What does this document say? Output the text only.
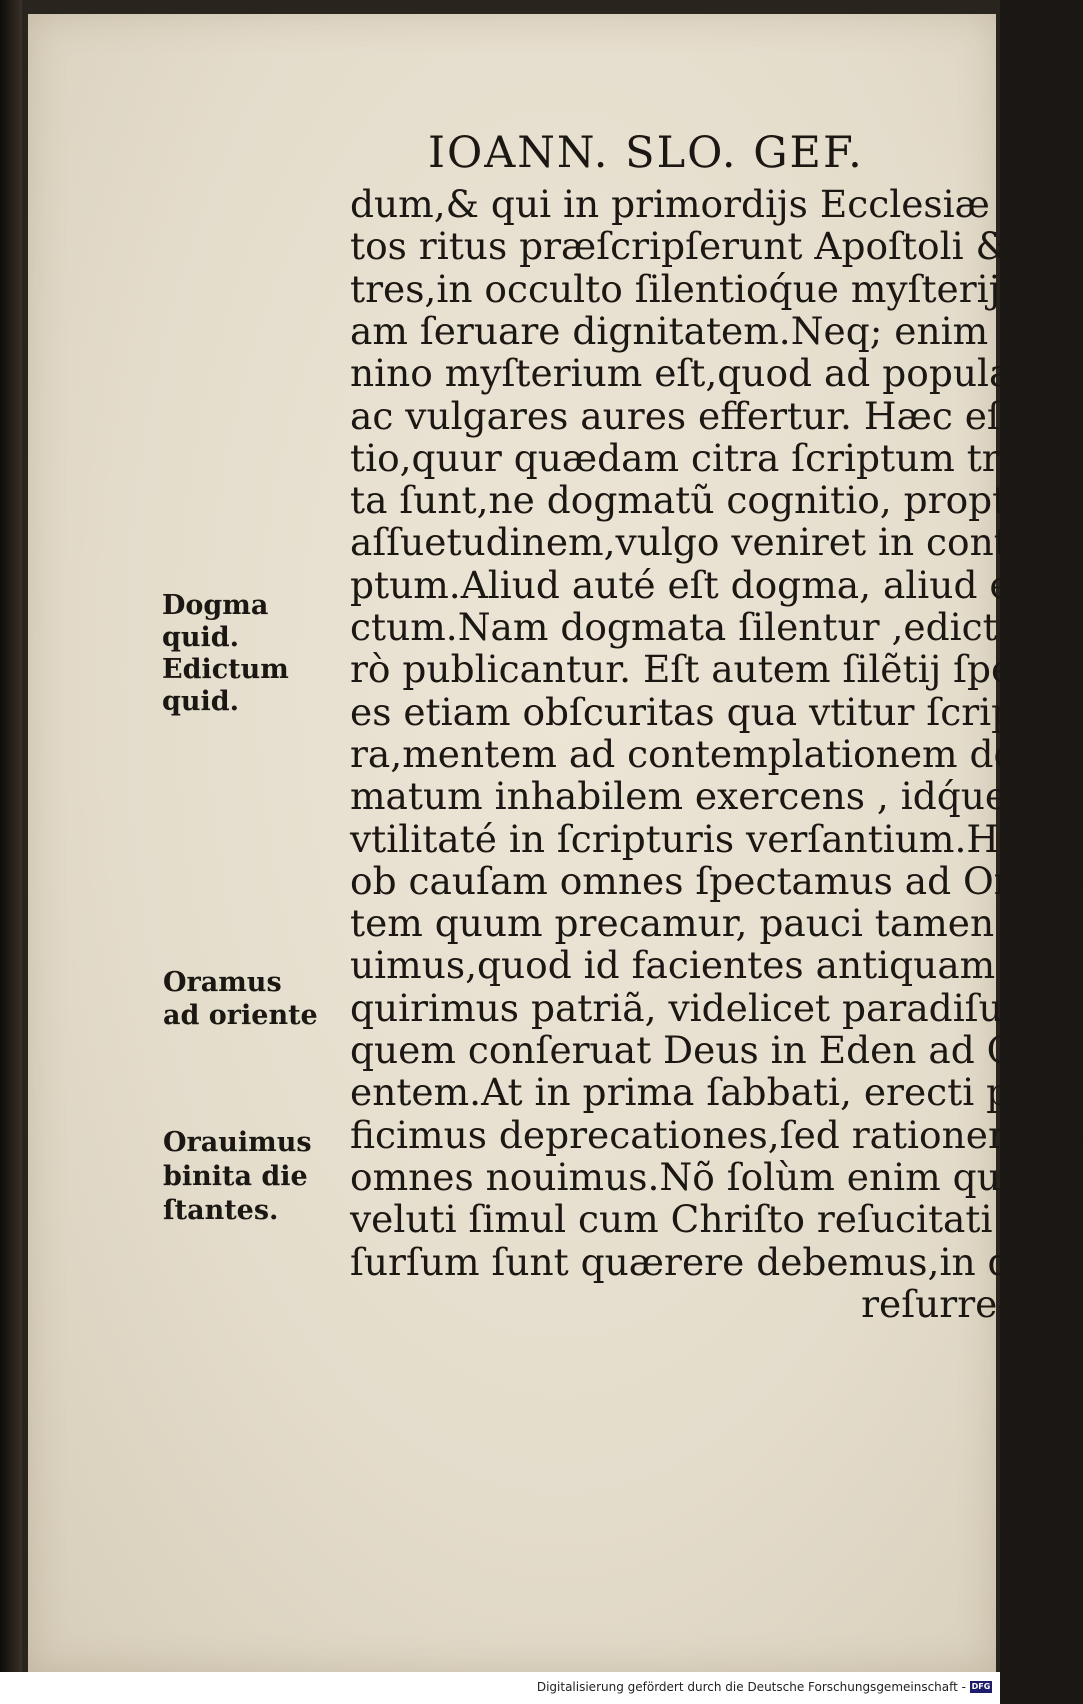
IOANN. SLO. GEF.
dum,& qui in primordijs Ecclesiæ cer-
tos ritus præſcripſerunt Apoſtoli & pa
tres,in occulto ſilentioq́ue myſterijs ſu
am ſeruare dignitatem.Neq; enim om-
nino myſterium eſt,quod ad populares
ac vulgares aures effertur. Hæc eſt ra-
tio,quur quædam citra ſcriptum tradi-
ta ſunt,ne dogmatũ cognitio, propter
aſſuetudinem,vulgo veniret in conte-
ptum.Aliud auté eſt dogma, aliud edi-
ctum.Nam dogmata ſilentur ,edicta ve
rò publicantur. Eſt autem ſilẽtij ſpeci
es etiam obſcuritas qua vtitur ſcriptu-
ra,mentem ad contemplationem dog-
matum inhabilem exercens , idq́ue ad
vtilitaté in ſcripturis verſantium.Hanc
ob cauſam omnes ſpectamus ad Orien-
tem quum precamur, pauci tamen no-
uimus,quod id facientes antiquam re-
quirimus patriã, videlicet paradiſum,
quem conſeruat Deus in Eden ad Ori-
entem.At in prima ſabbati, erecti per-
ficimus deprecationes,ſed rationem nõ
omnes nouimus.Nõ ſolùm enim quòd
veluti ſimul cum Chriſto reſucitati , q̃
ſurſum ſunt quærere debemus,in die
reſurre-
Dogma
quid.
Edictum
quid.
Oramus
ad oriente
Orauimus
binita die
ſtantes.
Digitalisierung gefördert durch die Deutsche Forschungsgemeinschaft - DFG
